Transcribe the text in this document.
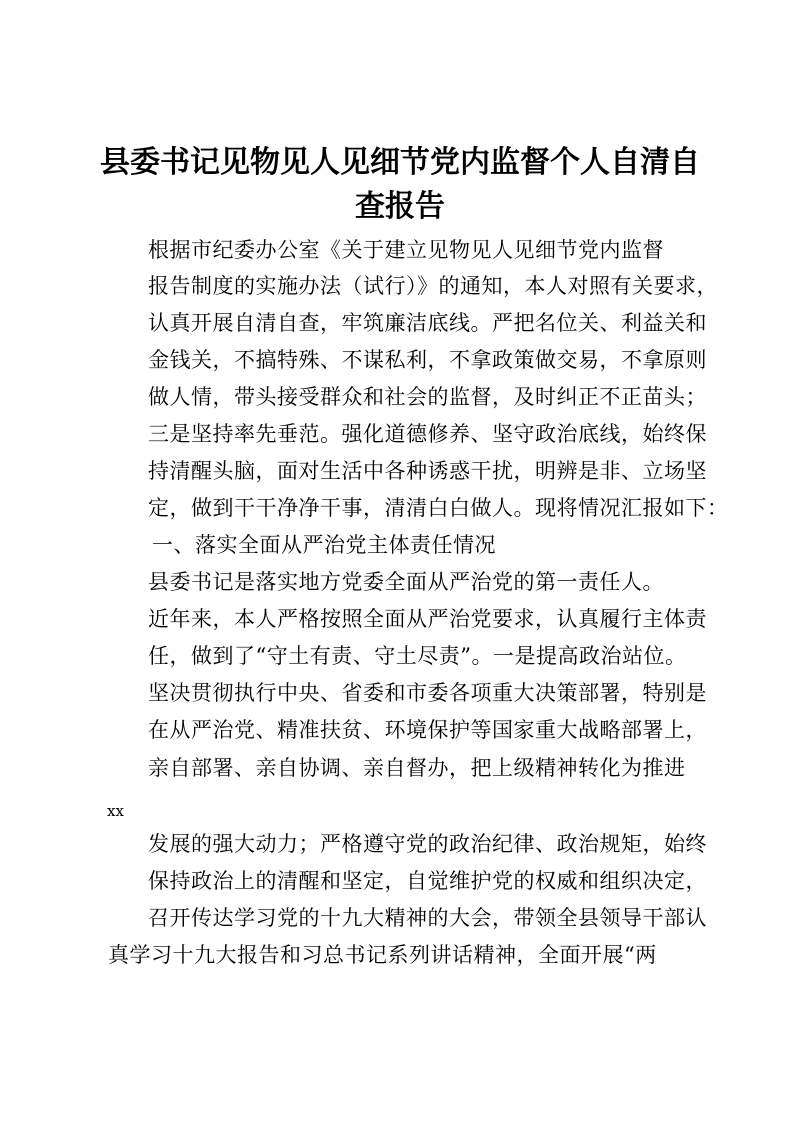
县委书记见物见人见细节党内监督个人自清自
查报告
根据市纪委办公室《关于建立见物见人见细节党内监督
报告制度的实施办法（试行）》的通知，本人对照有关要求，
认真开展自清自查，牢筑廉洁底线。严把名位关、利益关和
金钱关，不搞特殊、不谋私利，不拿政策做交易，不拿原则
做人情，带头接受群众和社会的监督，及时纠正不正苗头；
三是坚持率先垂范。强化道德修养、坚守政治底线，始终保
持清醒头脑，面对生活中各种诱惑干扰，明辨是非、立场坚
定，做到干干净净干事，清清白白做人。现将情况汇报如下：
一、落实全面从严治党主体责任情况
县委书记是落实地方党委全面从严治党的第一责任人。
近年来，本人严格按照全面从严治党要求，认真履行主体责
任，做到了“守土有责、守土尽责”。一是提高政治站位。
坚决贯彻执行中央、省委和市委各项重大决策部署，特别是
在从严治党、精准扶贫、环境保护等国家重大战略部署上，
亲自部署、亲自协调、亲自督办，把上级精神转化为推进
xx
发展的强大动力；严格遵守党的政治纪律、政治规矩，始终
保持政治上的清醒和坚定，自觉维护党的权威和组织决定，
召开传达学习党的十九大精神的大会，带领全县领导干部认
真学习十九大报告和习总书记系列讲话精神，全面开展“两
